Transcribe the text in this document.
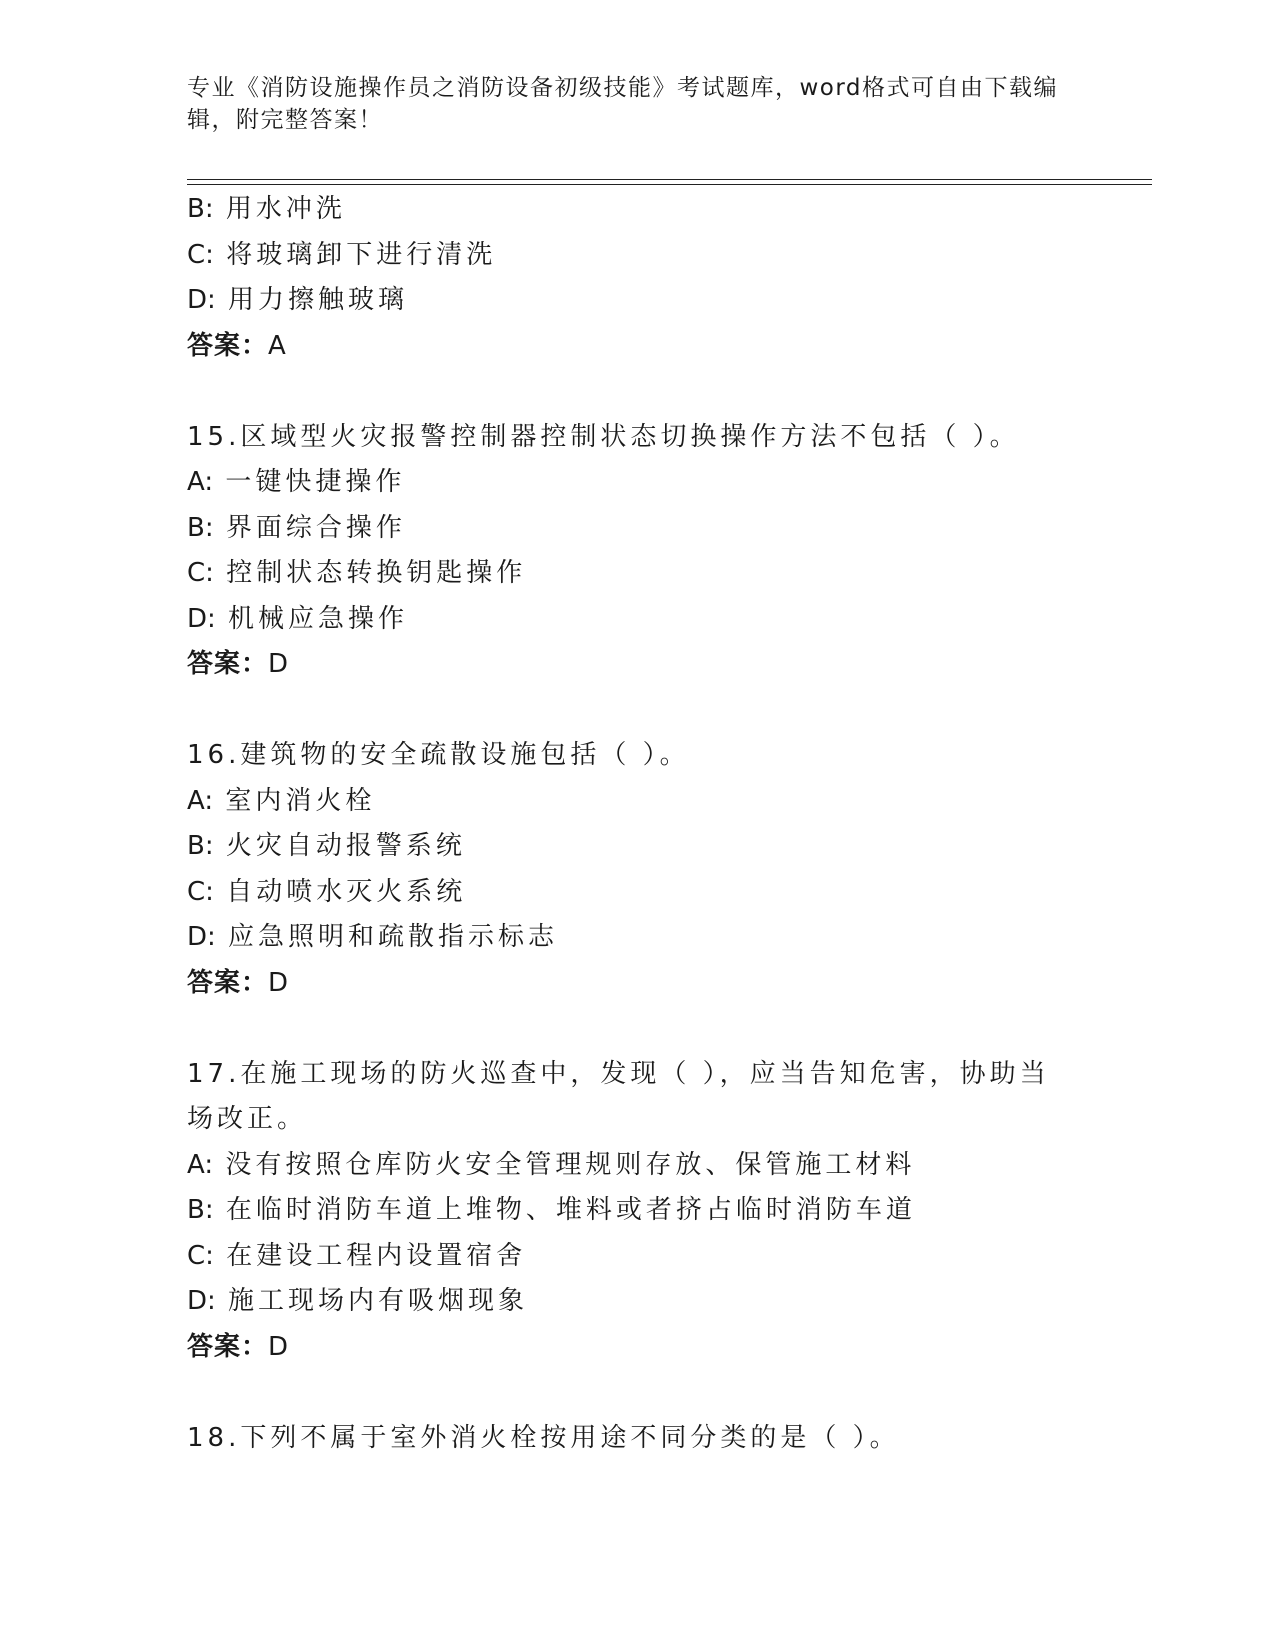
专业《消防设施操作员之消防设备初级技能》考试题库，word格式可自由下载编辑，附完整答案！
B: 用水冲洗
C: 将玻璃卸下进行清洗
D: 用力擦触玻璃
答案：A
15.区域型火灾报警控制器控制状态切换操作方法不包括（ ）。
A: 一键快捷操作
B: 界面综合操作
C: 控制状态转换钥匙操作
D: 机械应急操作
答案：D
16.建筑物的安全疏散设施包括（ ）。
A: 室内消火栓
B: 火灾自动报警系统
C: 自动喷水灭火系统
D: 应急照明和疏散指示标志
答案：D
17.在施工现场的防火巡查中，发现（ ），应当告知危害，协助当场改正。
A: 没有按照仓库防火安全管理规则存放、保管施工材料
B: 在临时消防车道上堆物、堆料或者挤占临时消防车道
C: 在建设工程内设置宿舍
D: 施工现场内有吸烟现象
答案：D
18.下列不属于室外消火栓按用途不同分类的是（ ）。
